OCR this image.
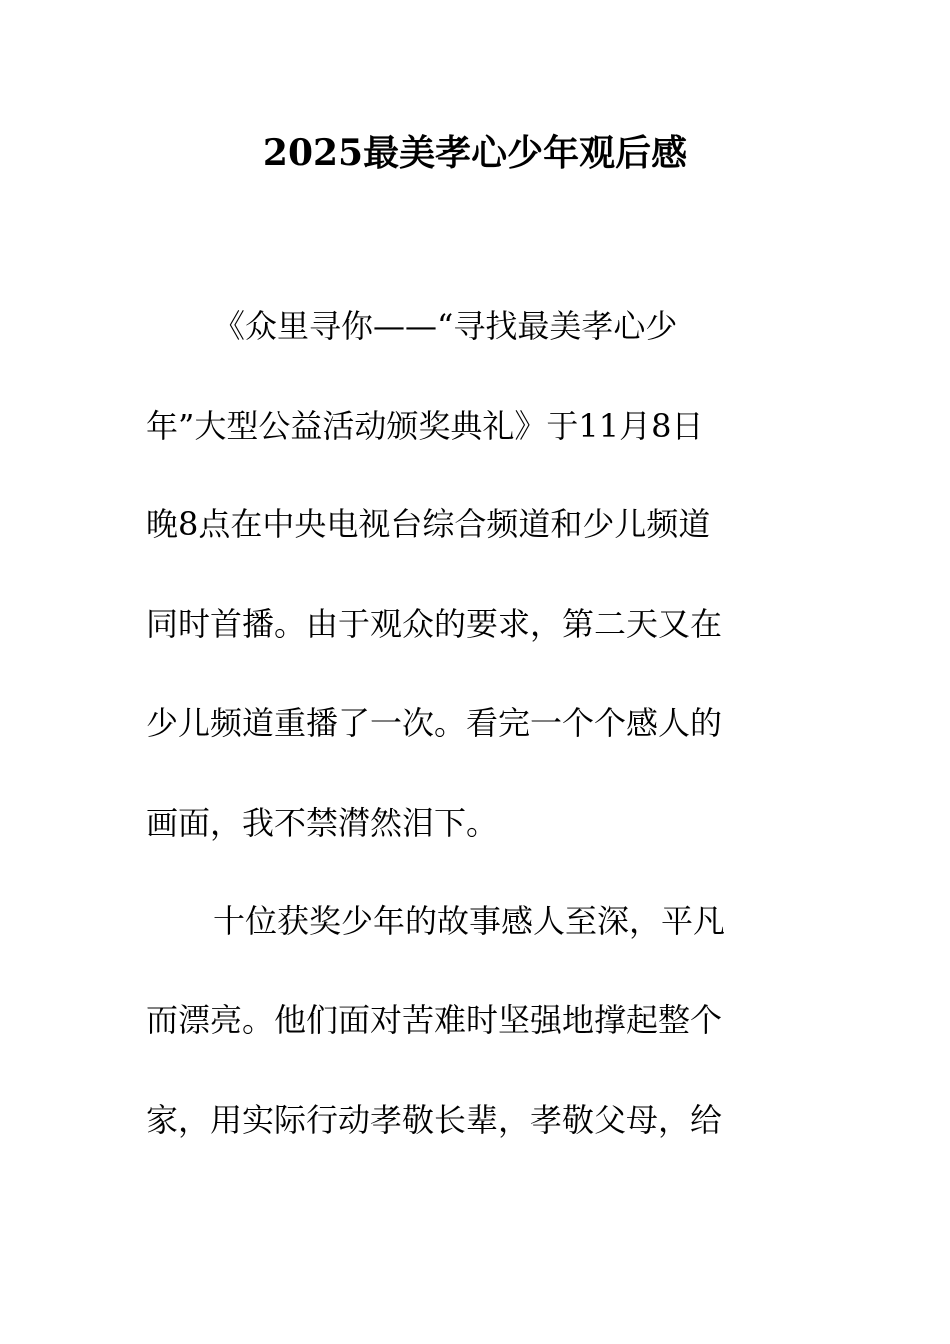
2025最美孝心少年观后感

《众里寻你——“寻找最美孝心少

年”大型公益活动颁奖典礼》于11月8日

晚8点在中央电视台综合频道和少儿频道

同时首播。由于观众的要求，第二天又在

少儿频道重播了一次。看完一个个感人的

画面，我不禁潸然泪下。

十位获奖少年的故事感人至深，平凡

而漂亮。他们面对苦难时坚强地撑起整个

家，用实际行动孝敬长辈，孝敬父母，给
